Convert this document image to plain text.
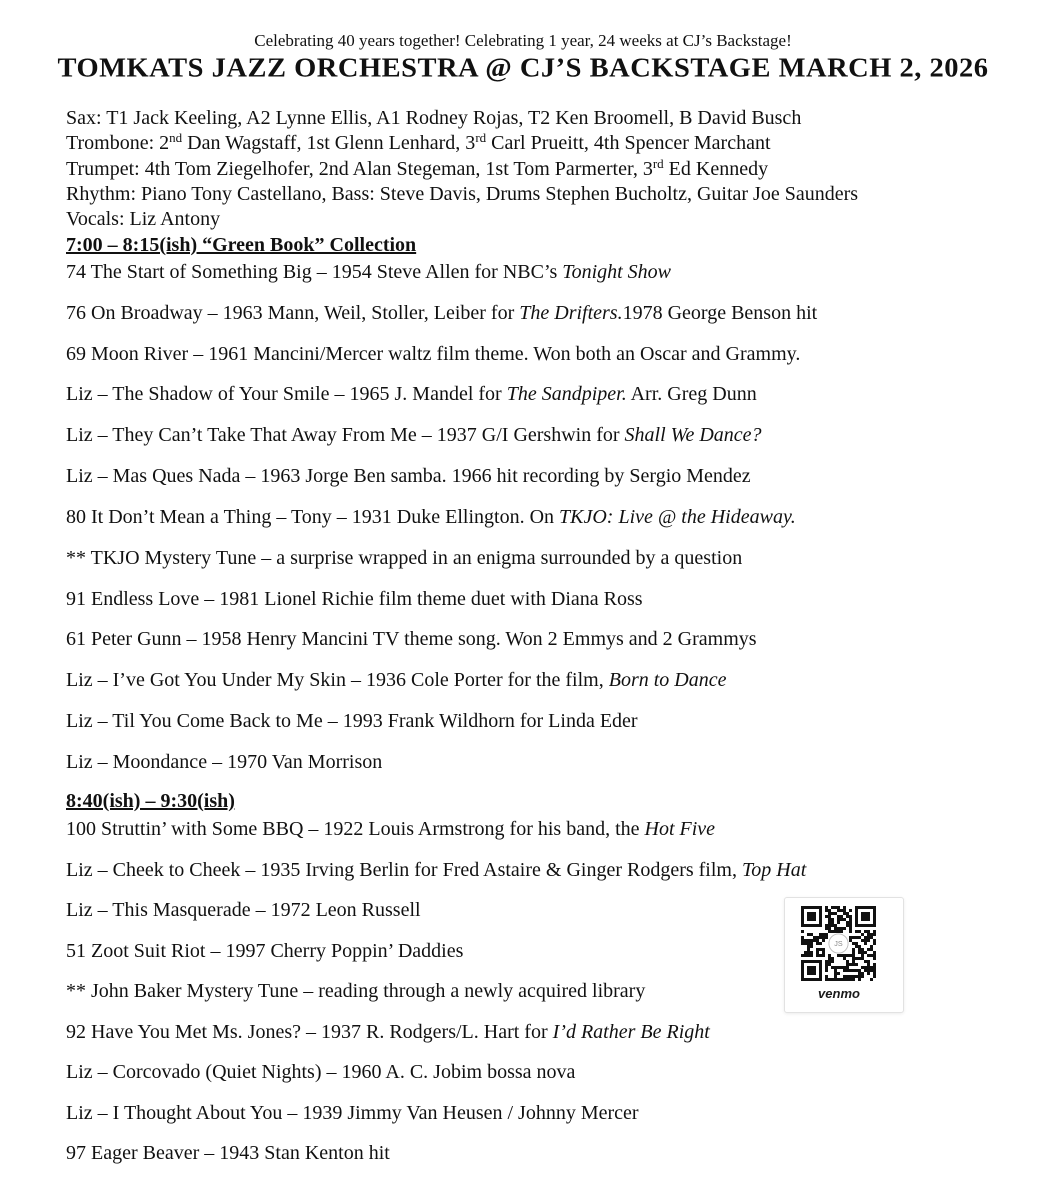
Celebrating 40 years together! Celebrating 1 year, 24 weeks at CJ’s Backstage!
TOMKATS JAZZ ORCHESTRA @ CJ’S BACKSTAGE MARCH 2, 2026
Sax: T1 Jack Keeling, A2 Lynne Ellis, A1 Rodney Rojas, T2 Ken Broomell, B David Busch
Trombone: 2nd Dan Wagstaff, 1st Glenn Lenhard, 3rd Carl Prueitt, 4th Spencer Marchant
Trumpet: 4th Tom Ziegelhofer, 2nd Alan Stegeman, 1st Tom Parmerter, 3rd Ed Kennedy
Rhythm: Piano Tony Castellano, Bass: Steve Davis, Drums Stephen Bucholtz, Guitar Joe Saunders
Vocals: Liz Antony
7:00 – 8:15(ish) “Green Book” Collection
74 The Start of Something Big – 1954 Steve Allen for NBC’s Tonight Show
76 On Broadway – 1963 Mann, Weil, Stoller, Leiber for The Drifters.1978 George Benson hit
69 Moon River – 1961 Mancini/Mercer waltz film theme. Won both an Oscar and Grammy.
Liz – The Shadow of Your Smile – 1965 J. Mandel for The Sandpiper. Arr. Greg Dunn
Liz – They Can’t Take That Away From Me – 1937 G/I Gershwin for Shall We Dance?
Liz – Mas Ques Nada – 1963 Jorge Ben samba. 1966 hit recording by Sergio Mendez
80 It Don’t Mean a Thing – Tony – 1931 Duke Ellington. On TKJO: Live @ the Hideaway.
** TKJO Mystery Tune – a surprise wrapped in an enigma surrounded by a question
91 Endless Love – 1981 Lionel Richie film theme duet with Diana Ross
61 Peter Gunn – 1958 Henry Mancini TV theme song. Won 2 Emmys and 2 Grammys
Liz – I’ve Got You Under My Skin – 1936 Cole Porter for the film, Born to Dance
Liz – Til You Come Back to Me – 1993 Frank Wildhorn for Linda Eder
Liz – Moondance – 1970 Van Morrison
8:40(ish) – 9:30(ish)
100 Struttin’ with Some BBQ – 1922 Louis Armstrong for his band, the Hot Five
Liz – Cheek to Cheek – 1935 Irving Berlin for Fred Astaire & Ginger Rodgers film, Top Hat
Liz – This Masquerade – 1972 Leon Russell
51 Zoot Suit Riot – 1997 Cherry Poppin’ Daddies
** John Baker Mystery Tune – reading through a newly acquired library
92 Have You Met Ms. Jones? – 1937 R. Rodgers/L. Hart for I’d Rather Be Right
Liz – Corcovado (Quiet Nights) – 1960 A. C. Jobim bossa nova
Liz – I Thought About You – 1939 Jimmy Van Heusen / Johnny Mercer
97 Eager Beaver – 1943 Stan Kenton hit
JS
venmo
